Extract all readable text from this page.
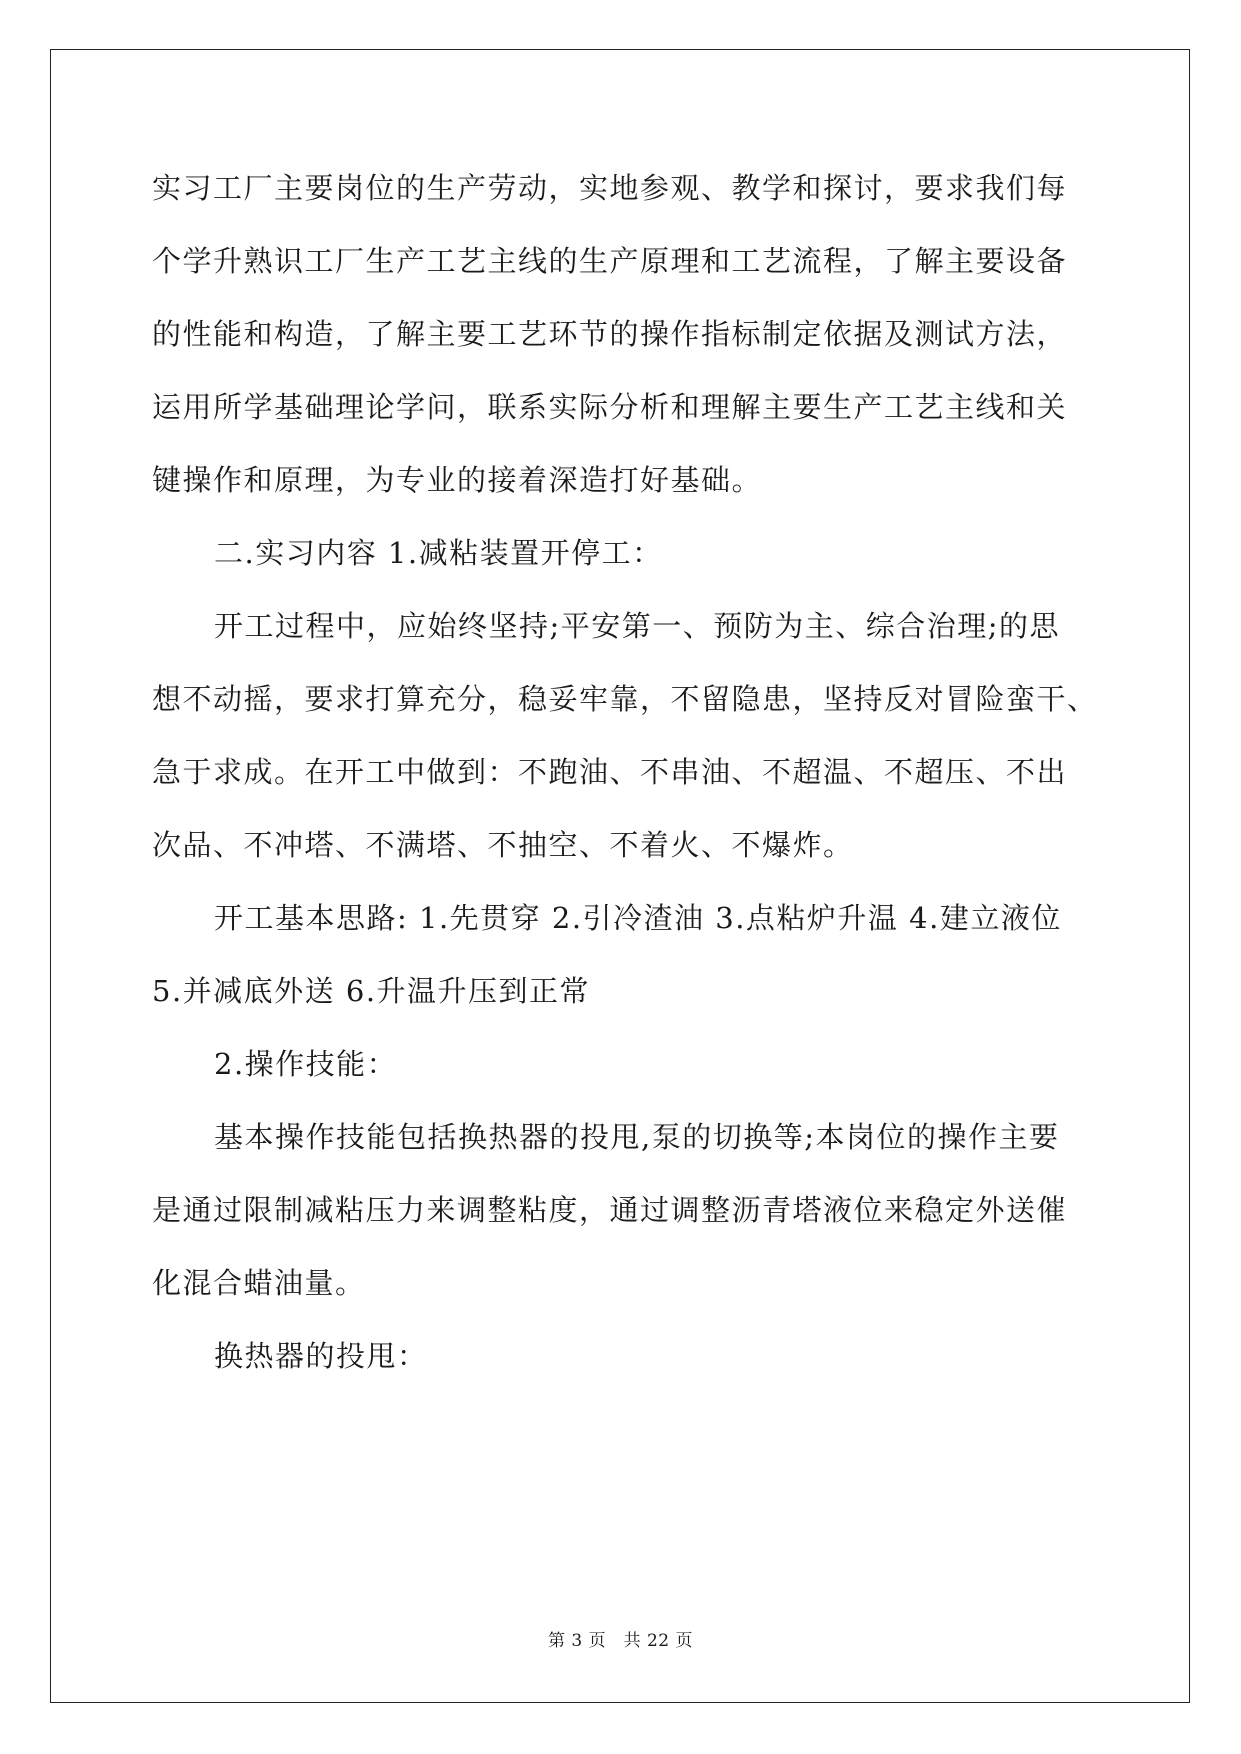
实习工厂主要岗位的生产劳动，实地参观、教学和探讨，要求我们每
个学升熟识工厂生产工艺主线的生产原理和工艺流程，了解主要设备
的性能和构造，了解主要工艺环节的操作指标制定依据及测试方法，
运用所学基础理论学问，联系实际分析和理解主要生产工艺主线和关
键操作和原理，为专业的接着深造打好基础。
二.实习内容 1.减粘装置开停工：
开工过程中，应始终坚持;平安第一、预防为主、综合治理;的思
想不动摇，要求打算充分，稳妥牢靠，不留隐患，坚持反对冒险蛮干、
急于求成。在开工中做到：不跑油、不串油、不超温、不超压、不出
次品、不冲塔、不满塔、不抽空、不着火、不爆炸。
开工基本思路: 1.先贯穿 2.引冷渣油 3.点粘炉升温 4.建立液位
5.并减底外送 6.升温升压到正常
2.操作技能：
基本操作技能包括换热器的投甩,泵的切换等;本岗位的操作主要
是通过限制减粘压力来调整粘度，通过调整沥青塔液位来稳定外送催
化混合蜡油量。
换热器的投甩：
第 3 页　共 22 页
